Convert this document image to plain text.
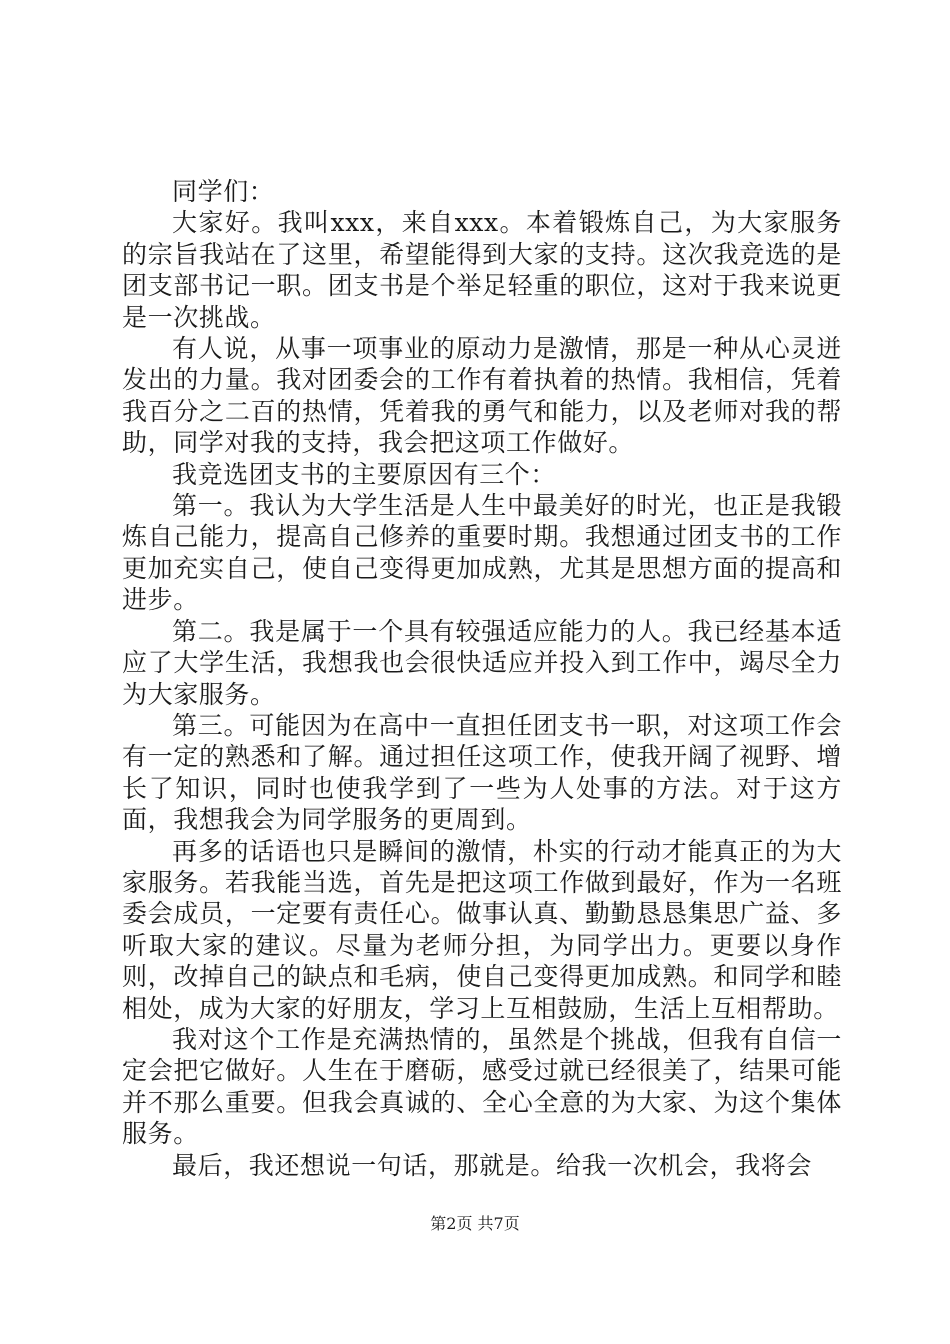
同学们：

大家好。我叫xxx，来自xxx。本着锻炼自己，为大家服务的宗旨我站在了这里，希望能得到大家的支持。这次我竞选的是团支部书记一职。团支书是个举足轻重的职位，这对于我来说更是一次挑战。

有人说，从事一项事业的原动力是激情，那是一种从心灵迸发出的力量。我对团委会的工作有着执着的热情。我相信，凭着我百分之二百的热情，凭着我的勇气和能力，以及老师对我的帮助，同学对我的支持，我会把这项工作做好。

我竞选团支书的主要原因有三个：

第一。我认为大学生活是人生中最美好的时光，也正是我锻炼自己能力，提高自己修养的重要时期。我想通过团支书的工作更加充实自己，使自己变得更加成熟，尤其是思想方面的提高和进步。

第二。我是属于一个具有较强适应能力的人。我已经基本适应了大学生活，我想我也会很快适应并投入到工作中，竭尽全力为大家服务。

第三。可能因为在高中一直担任团支书一职，对这项工作会有一定的熟悉和了解。通过担任这项工作，使我开阔了视野、增长了知识，同时也使我学到了一些为人处事的方法。对于这方面，我想我会为同学服务的更周到。

再多的话语也只是瞬间的激情，朴实的行动才能真正的为大家服务。若我能当选，首先是把这项工作做到最好，作为一名班委会成员，一定要有责任心。做事认真、勤勤恳恳集思广益、多听取大家的建议。尽量为老师分担，为同学出力。更要以身作则，改掉自己的缺点和毛病，使自己变得更加成熟。和同学和睦相处，成为大家的好朋友，学习上互相鼓励，生活上互相帮助。

我对这个工作是充满热情的，虽然是个挑战，但我有自信一定会把它做好。人生在于磨砺，感受过就已经很美了，结果可能并不那么重要。但我会真诚的、全心全意的为大家、为这个集体服务。

最后，我还想说一句话，那就是。给我一次机会，我将会

第2页 共7页
